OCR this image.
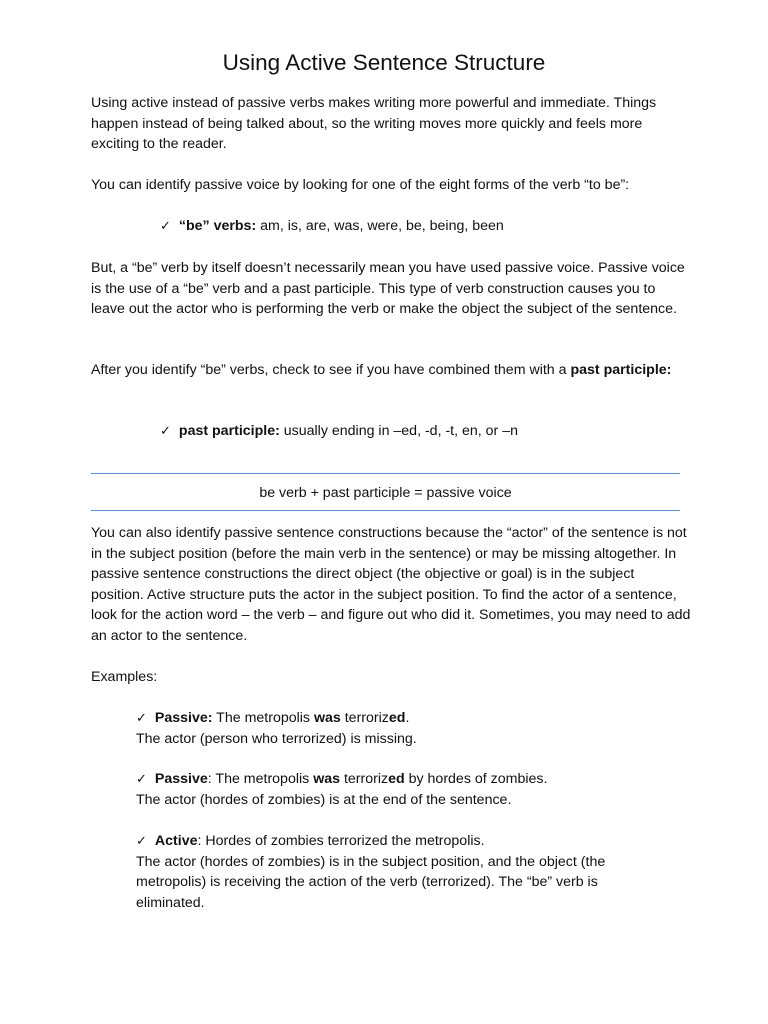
Using Active Sentence Structure

Using active instead of passive verbs makes writing more powerful and immediate. Things happen instead of being talked about, so the writing moves more quickly and feels more exciting to the reader.

You can identify passive voice by looking for one of the eight forms of the verb “to be”:

✓ “be” verbs: am, is, are, was, were, be, being, been

But, a “be” verb by itself doesn’t necessarily mean you have used passive voice. Passive voice is the use of a “be” verb and a past participle. This type of verb construction causes you to leave out the actor who is performing the verb or make the object the subject of the sentence.

After you identify “be” verbs, check to see if you have combined them with a past participle:

✓ past participle: usually ending in –ed, -d, -t, en, or –n

be verb + past participle = passive voice

You can also identify passive sentence constructions because the “actor” of the sentence is not in the subject position (before the main verb in the sentence) or may be missing altogether. In passive sentence constructions the direct object (the objective or goal) is in the subject position. Active structure puts the actor in the subject position. To find the actor of a sentence, look for the action word – the verb – and figure out who did it. Sometimes, you may need to add an actor to the sentence.

Examples:

✓ Passive: The metropolis was terrorized.
The actor (person who terrorized) is missing.
✓ Passive: The metropolis was terrorized by hordes of zombies.
The actor (hordes of zombies) is at the end of the sentence.
✓ Active: Hordes of zombies terrorized the metropolis.
The actor (hordes of zombies) is in the subject position, and the object (the metropolis) is receiving the action of the verb (terrorized). The “be” verb is eliminated.
